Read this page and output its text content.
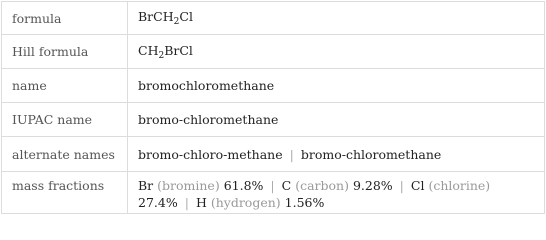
formula	BrCH$_2$Cl
Hill formula	$CH_2BrCl$
name	bromochloromethane
IUPAC name	bromo-chloromethane
alternate names	bromo-chloro-methane | bromo-chloromethane
mass fractions	Br (bromine) 61.8% | C (carbon) 9.28% | Cl (chlorine)
27.4% | H (hydrogen) 1.56%
